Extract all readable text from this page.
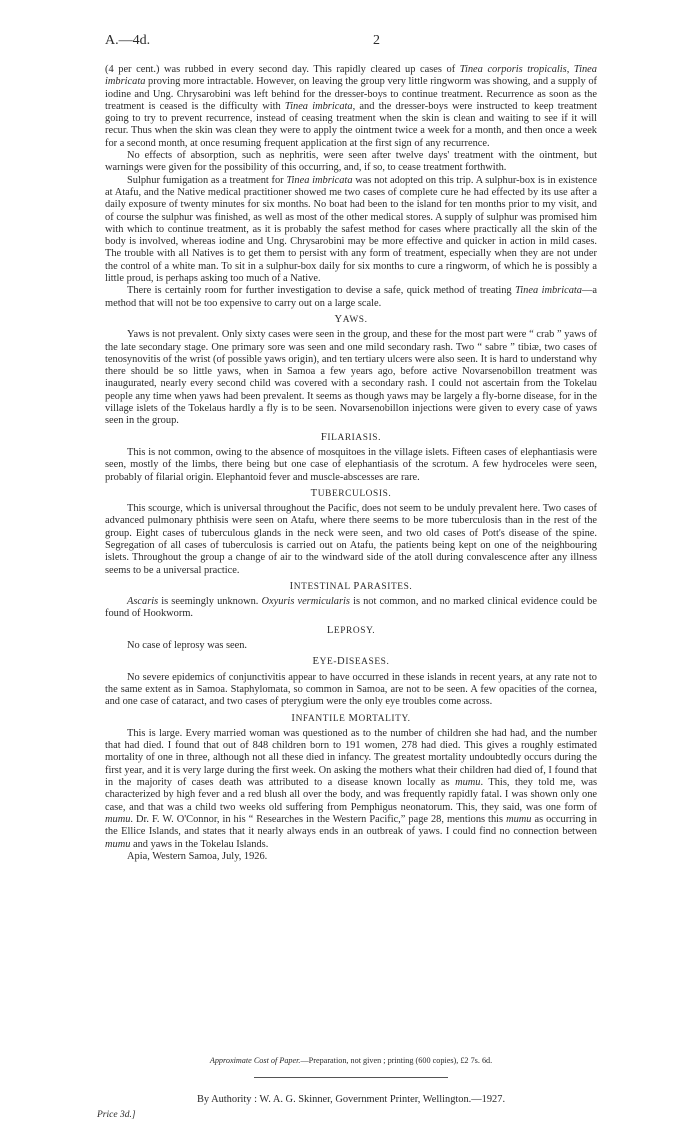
A.—4d.	2

(4 per cent.) was rubbed in every second day. This rapidly cleared up cases of Tinea corporis tropicalis, Tinea imbricata proving more intractable. However, on leaving the group very little ringworm was showing, and a supply of iodine and Ung. Chrysarobini was left behind for the dresser-boys to continue treatment. Recurrence as soon as the treatment is ceased is the difficulty with Tinea imbricata, and the dresser-boys were instructed to keep treatment going to try to prevent recurrence, instead of ceasing treatment when the skin is clean and waiting to see if it will recur. Thus when the skin was clean they were to apply the ointment twice a week for a month, and then once a week for a second month, at once resuming frequent application at the first sign of any recurrence.

No effects of absorption, such as nephritis, were seen after twelve days' treatment with the ointment, but warnings were given for the possibility of this occurring, and, if so, to cease treatment forthwith.

Sulphur fumigation as a treatment for Tinea imbricata was not adopted on this trip. A sulphur-box is in existence at Atafu, and the Native medical practitioner showed me two cases of complete cure he had effected by its use after a daily exposure of twenty minutes for six months. No boat had been to the island for ten months prior to my visit, and of course the sulphur was finished, as well as most of the other medical stores. A supply of sulphur was promised him with which to continue treatment, as it is probably the safest method for cases where practically all the skin of the body is involved, whereas iodine and Ung. Chrysarobini may be more effective and quicker in action in mild cases. The trouble with all Natives is to get them to persist with any form of treatment, especially when they are not under the control of a white man. To sit in a sulphur-box daily for six months to cure a ringworm, of which he is possibly a little proud, is perhaps asking too much of a Native.

There is certainly room for further investigation to devise a safe, quick method of treating Tinea imbricata—a method that will not be too expensive to carry out on a large scale.

YAWS.

Yaws is not prevalent. Only sixty cases were seen in the group, and these for the most part were “ crab ” yaws of the late secondary stage. One primary sore was seen and one mild secondary rash. Two “ sabre ” tibiæ, two cases of tenosynovitis of the wrist (of possible yaws origin), and ten tertiary ulcers were also seen. It is hard to understand why there should be so little yaws, when in Samoa a few years ago, before active Novarsenobillon treatment was inaugurated, nearly every second child was covered with a secondary rash. I could not ascertain from the Tokelau people any time when yaws had been prevalent. It seems as though yaws may be largely a fly-borne disease, for in the village islets of the Tokelaus hardly a fly is to be seen. Novarsenobillon injections were given to every case of yaws seen in the group.

FILARIASIS.

This is not common, owing to the absence of mosquitoes in the village islets. Fifteen cases of elephantiasis were seen, mostly of the limbs, there being but one case of elephantiasis of the scrotum. A few hydroceles were seen, probably of filarial origin. Elephantoid fever and muscle-abscesses are rare.

TUBERCULOSIS.

This scourge, which is universal throughout the Pacific, does not seem to be unduly prevalent here. Two cases of advanced pulmonary phthisis were seen on Atafu, where there seems to be more tuberculosis than in the rest of the group. Eight cases of tuberculous glands in the neck were seen, and two old cases of Pott's disease of the spine. Segregation of all cases of tuberculosis is carried out on Atafu, the patients being kept on one of the neighbouring islets. Throughout the group a change of air to the windward side of the atoll during convalescence after any illness seems to be a universal practice.

INTESTINAL PARASITES.

Ascaris is seemingly unknown. Oxyuris vermicularis is not common, and no marked clinical evidence could be found of Hookworm.

LEPROSY.

No case of leprosy was seen.

EYE-DISEASES.

No severe epidemics of conjunctivitis appear to have occurred in these islands in recent years, at any rate not to the same extent as in Samoa. Staphylomata, so common in Samoa, are not to be seen. A few opacities of the cornea, and one case of cataract, and two cases of pterygium were the only eye troubles come across.

INFANTILE MORTALITY.

This is large. Every married woman was questioned as to the number of children she had had, and the number that had died. I found that out of 848 children born to 191 women, 278 had died. This gives a roughly estimated mortality of one in three, although not all these died in infancy. The greatest mortality undoubtedly occurs during the first year, and it is very large during the first week. On asking the mothers what their children had died of, I found that in the majority of cases death was attributed to a disease known locally as mumu. This, they told me, was characterized by high fever and a red blush all over the body, and was frequently rapidly fatal. I was shown only one case, and that was a child two weeks old suffering from Pemphigus neonatorum. This, they said, was one form of mumu. Dr. F. W. O'Connor, in his “ Researches in the Western Pacific,” page 28, mentions this mumu as occurring in the Ellice Islands, and states that it nearly always ends in an outbreak of yaws. I could find no connection between mumu and yaws in the Tokelau Islands.

Apia, Western Samoa, July, 1926.

Approximate Cost of Paper.—Preparation, not given ; printing (600 copies), £2 7s. 6d.
By Authority : W. A. G. Skinner, Government Printer, Wellington.—1927.
Price 3d.]
